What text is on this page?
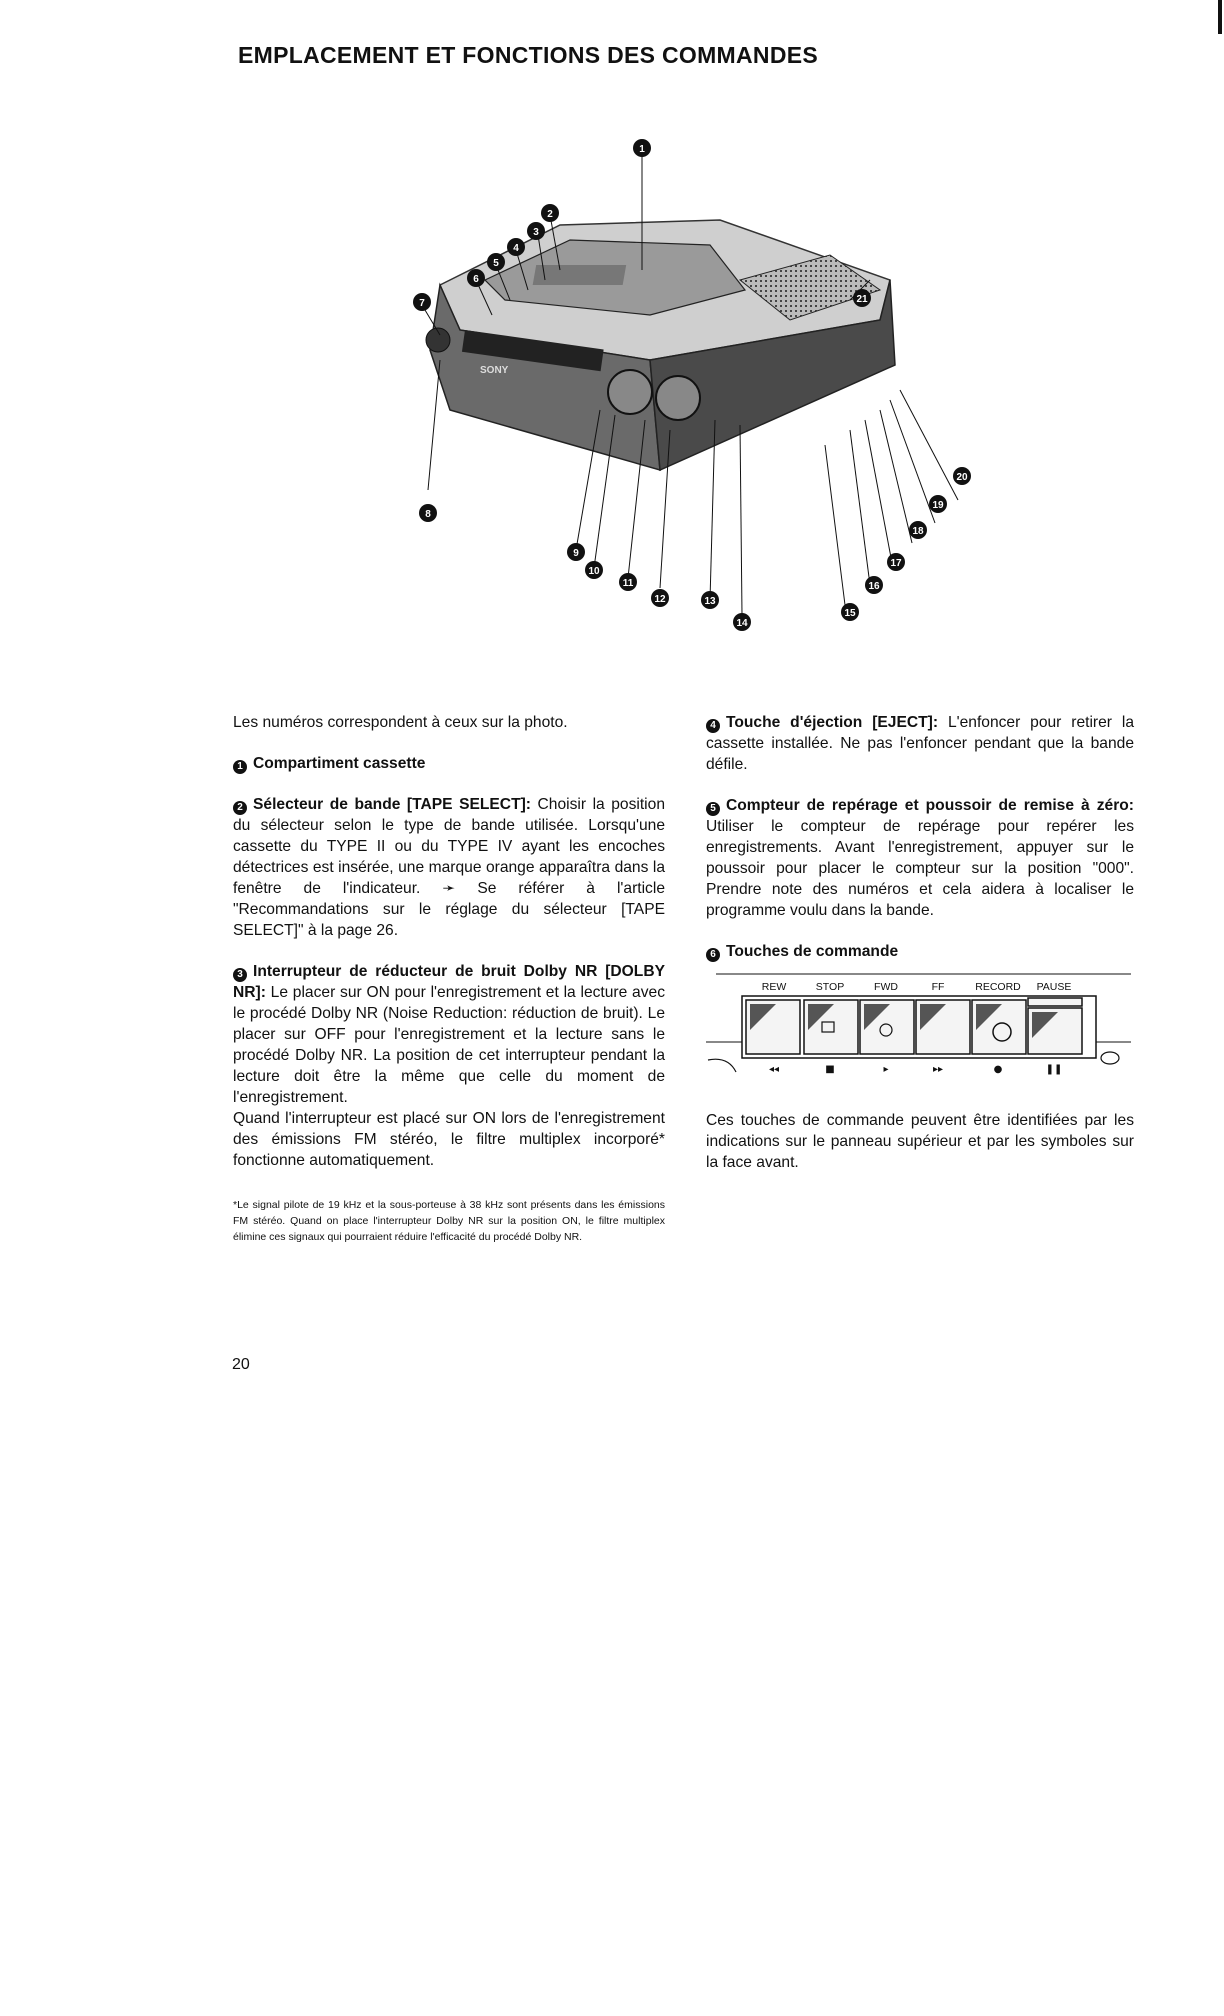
EMPLACEMENT ET FONCTIONS DES COMMANDES
SONY
1
2
3
4
5
6
7
8
9
10
11
12	13
14
15
16
17
18
19
20
21

Les numéros correspondent à ceux sur la photo.

1 Compartiment cassette

2 Sélecteur de bande [TAPE SELECT]: Choisir la position du sélecteur selon le type de bande utilisée. Lorsqu'une cassette du TYPE II ou du TYPE IV ayant les encoches détectrices est insérée, une marque orange apparaîtra dans la fenêtre de l'indicateur. ➛ Se référer à l'article "Recommandations sur le réglage du sélecteur [TAPE SELECT]" à la page 26.

3 Interrupteur de réducteur de bruit Dolby NR [DOLBY NR]: Le placer sur ON pour l'enregistrement et la lecture avec le procédé Dolby NR (Noise Reduction: réduction de bruit). Le placer sur OFF pour l'enregistrement et la lecture sans le procédé Dolby NR. La position de cet interrupteur pendant la lecture doit être la même que celle du moment de l'enregistrement.

Quand l'interrupteur est placé sur ON lors de l'enregistrement des émissions FM stéréo, le filtre multiplex incorporé* fonctionne automatiquement.

*Le signal pilote de 19 kHz et la sous-porteuse à 38 kHz sont présents dans les émissions FM stéréo. Quand on place l'interrupteur Dolby NR sur la position ON, le filtre multiplex élimine ces signaux qui pourraient réduire l'efficacité du procédé Dolby NR.

4 Touche d'éjection [EJECT]: L'enfoncer pour retirer la cassette installée. Ne pas l'enfoncer pendant que la bande défile.

5 Compteur de repérage et poussoir de remise à zéro: Utiliser le compteur de repérage pour repérer les enregistrements. Avant l'enregistrement, appuyer sur le poussoir pour placer le compteur sur la position "000". Prendre note des numéros et cela aidera à localiser le programme voulu dans la bande.

6 Touches de commande

REW	STOP	FWD	FF	RECORD PAUSE
◂◂	■	▸	▸▸	●	❚❚

Ces touches de commande peuvent être identifiées par les indications sur le panneau supérieur et par les symboles sur la face avant.

20
